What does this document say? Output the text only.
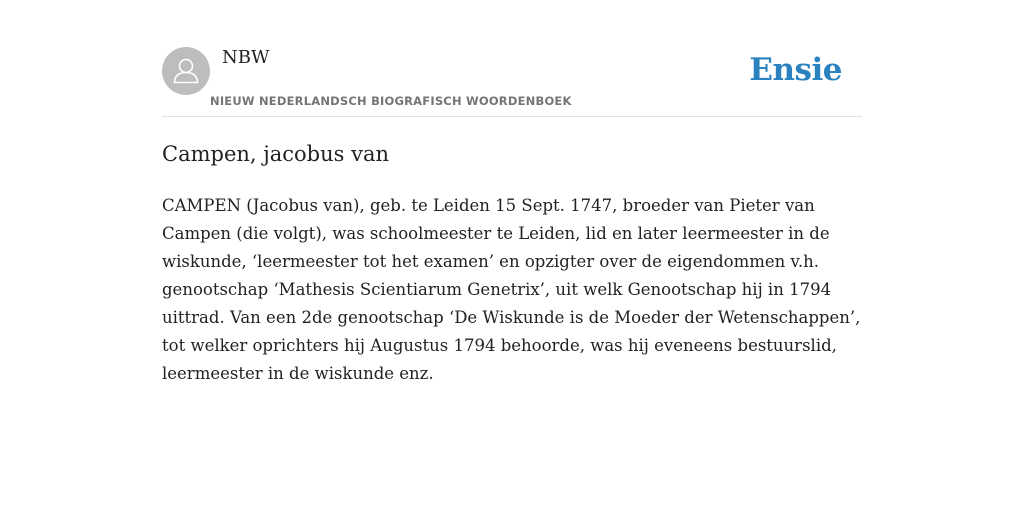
NBW
NIEUW NEDERLANDSCH BIOGRAFISCH WOORDENBOEK
Ensie
Campen, jacobus van

CAMPEN (Jacobus van), geb. te Leiden 15 Sept. 1747, broeder van Pieter van Campen (die volgt), was schoolmeester te Leiden, lid en later leermeester in de wiskunde, ‘leermeester tot het examen’ en opzigter over de eigendommen v.h. genootschap ‘Mathesis Scientiarum Genetrix’, uit welk Genootschap hij in 1794 uittrad. Van een 2de genootschap ‘De Wiskunde is de Moeder der Wetenschappen’, tot welker oprichters hij Augustus 1794 behoorde, was hij eveneens bestuurslid, leermeester in de wiskunde enz.
